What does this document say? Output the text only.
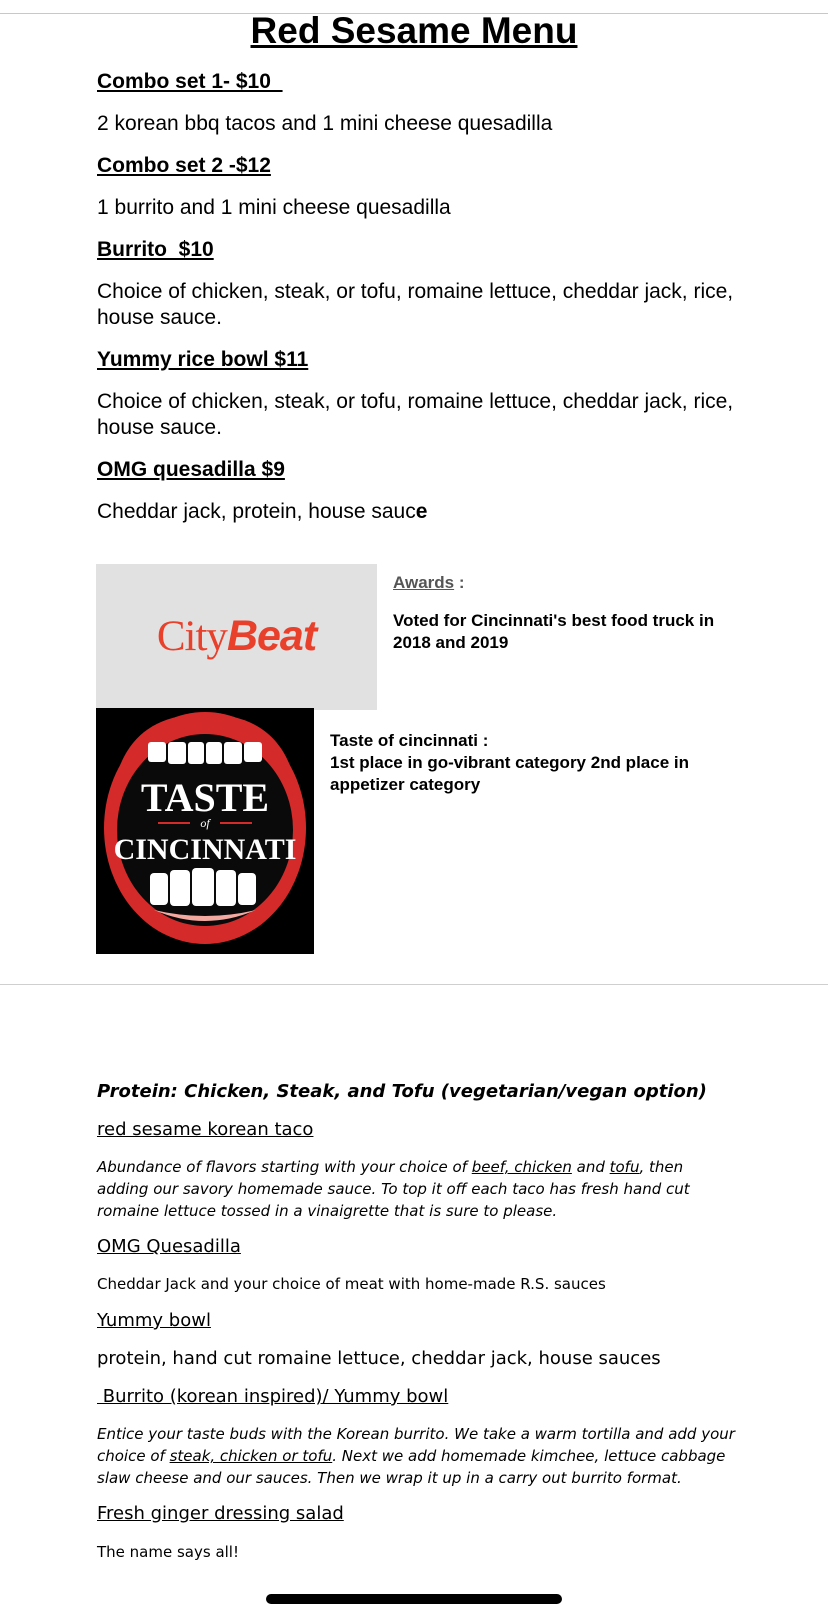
Red Sesame Menu
Combo set 1- $10
2 korean bbq tacos and 1 mini cheese quesadilla
Combo set 2 -$12
1 burrito and 1 mini cheese quesadilla
Burrito  $10
Choice of chicken, steak, or tofu, romaine lettuce, cheddar jack, rice, house sauce.
Yummy rice bowl $11
Choice of chicken, steak, or tofu, romaine lettuce, cheddar jack, rice, house sauce.
OMG quesadilla $9
Cheddar jack, protein, house sauce
CityBeat
Awards :
Voted for Cincinnati's best food truck in 2018 and 2019
TASTE
of
CINCINNATI
Taste of cincinnati :
1st place in go-vibrant category 2nd place in appetizer category
Protein: Chicken, Steak, and Tofu (vegetarian/vegan option)
red sesame korean taco
Abundance of flavors starting with your choice of beef, chicken and tofu, then adding our savory homemade sauce. To top it off each taco has fresh hand cut romaine lettuce tossed in a vinaigrette that is sure to please.
OMG Quesadilla
Cheddar Jack and your choice of meat with home-made R.S. sauces
Yummy bowl
protein, hand cut romaine lettuce, cheddar jack, house sauces
Burrito (korean inspired)/ Yummy bowl
Entice your taste buds with the Korean burrito. We take a warm tortilla and add your choice of steak, chicken or tofu. Next we add homemade kimchee, lettuce cabbage slaw cheese and our sauces. Then we wrap it up in a carry out burrito format.
Fresh ginger dressing salad
The name says all!
